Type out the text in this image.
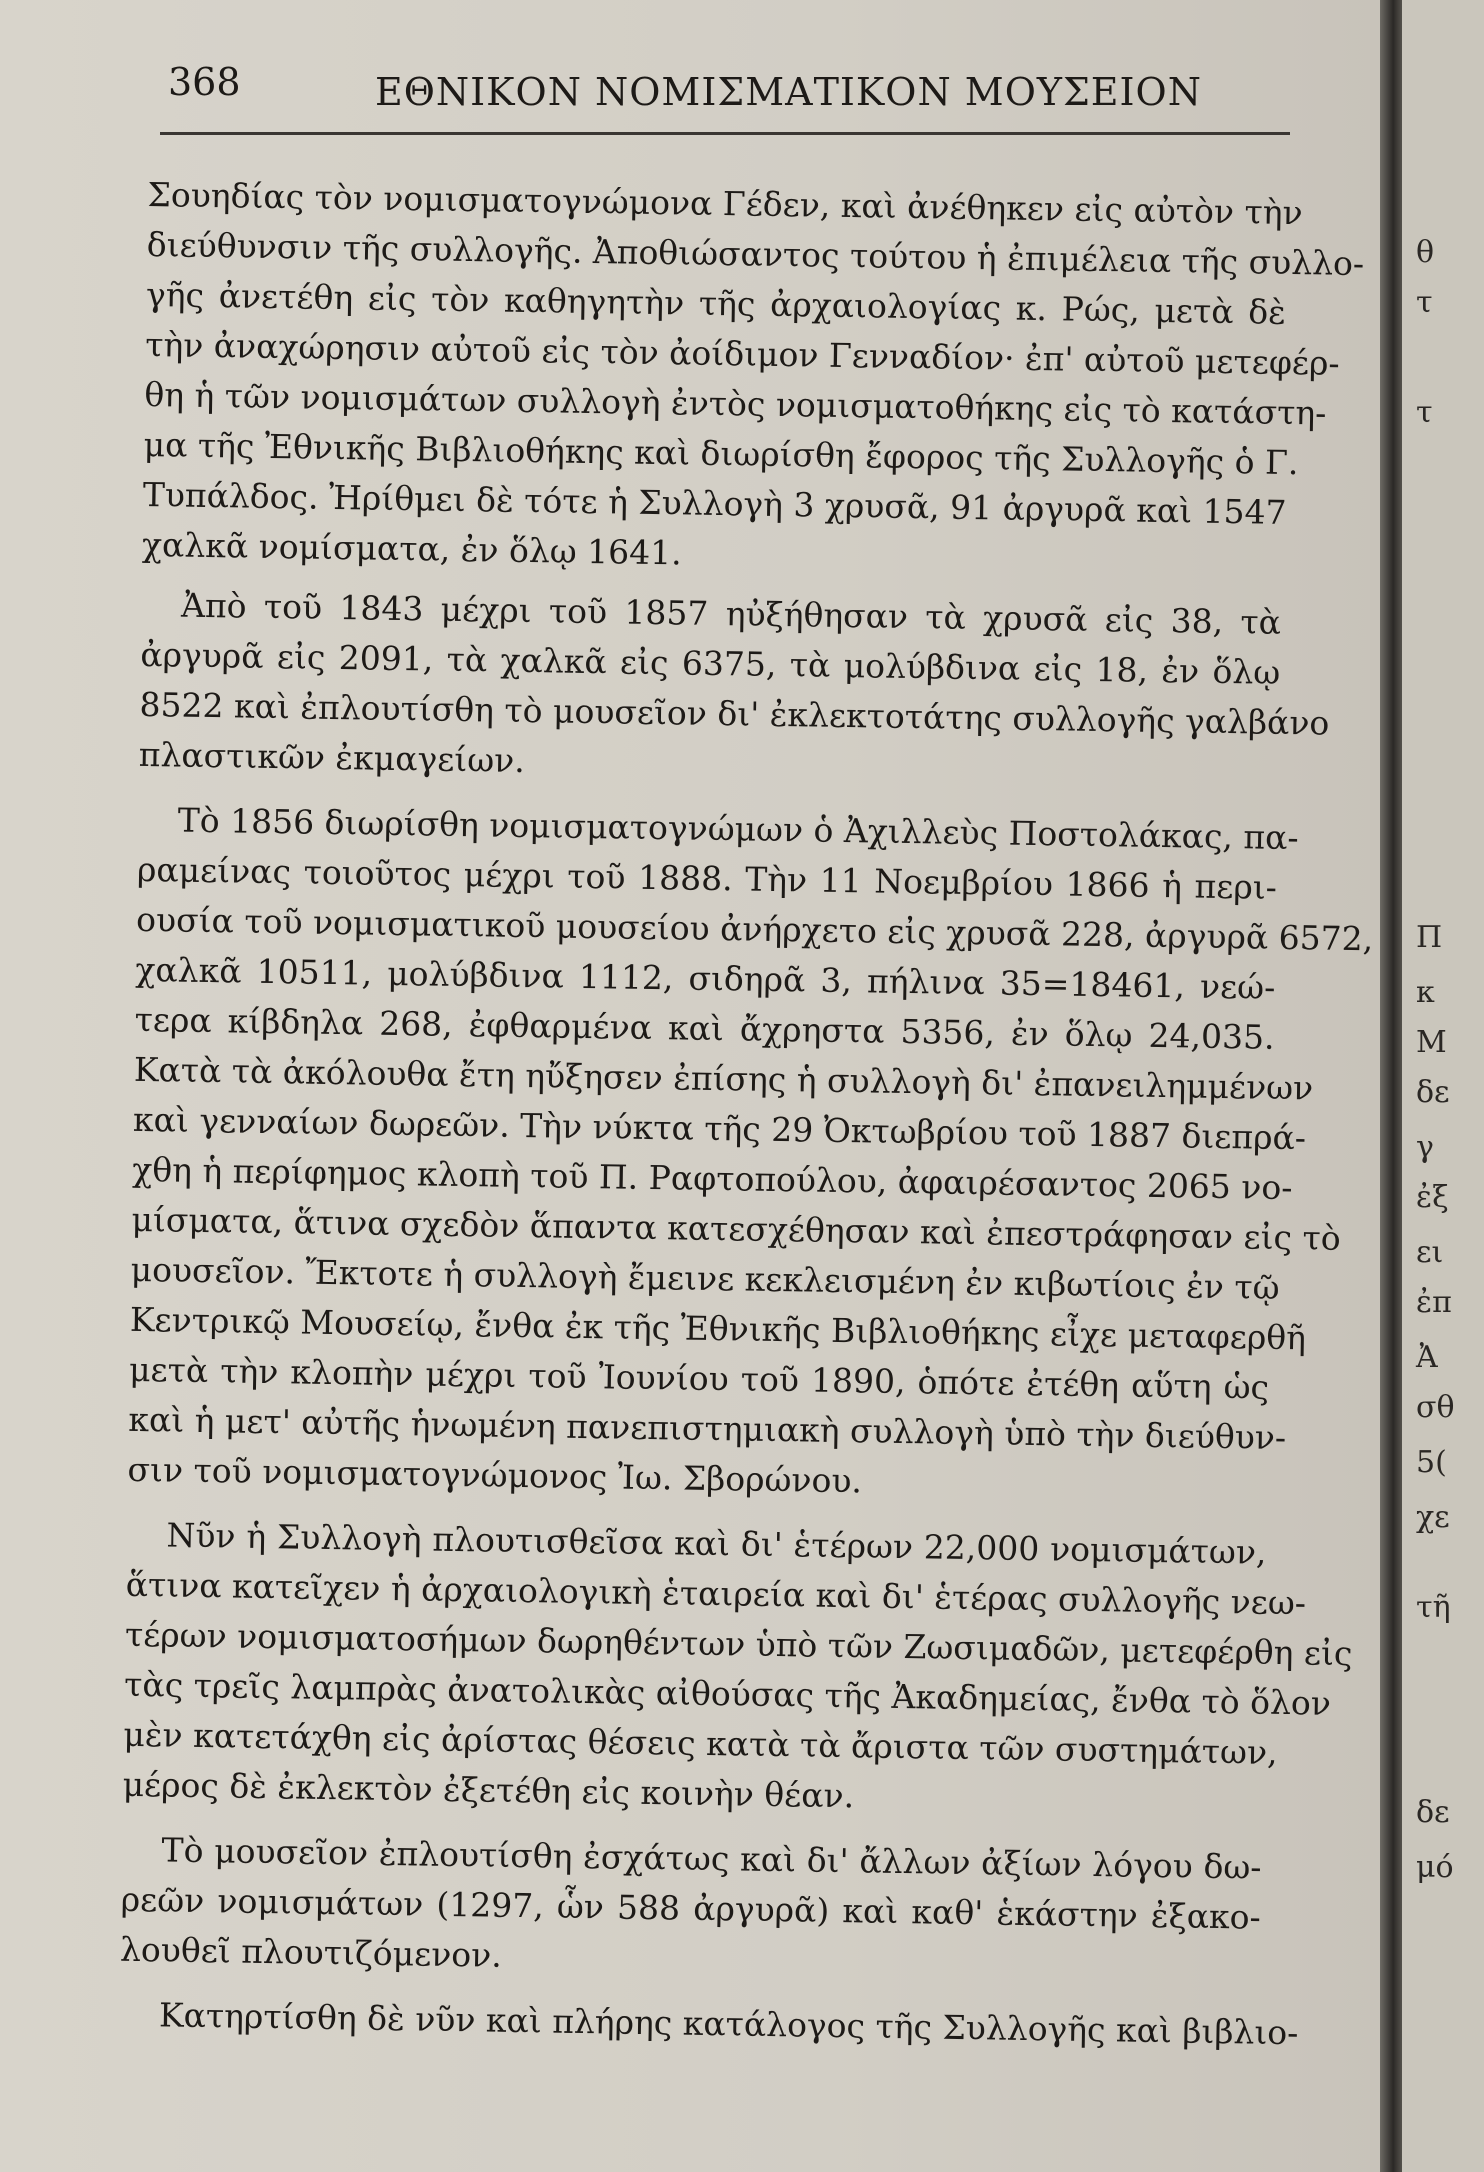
368	ΕΘΝΙΚΟΝ ΝΟΜΙΣΜΑΤΙΚΟΝ ΜΟΥΣΕΙΟΝ
Σουηδίας τὸν νομισματογνώμονα Γέδεν, καὶ ἀνέθηκεν εἰς αὐτὸν τὴν
διεύθυνσιν τῆς συλλογῆς. Ἀποθιώσαντος τούτου ἡ ἐπιμέλεια τῆς συλλο-
γῆς ἀνετέθη εἰς τὸν καθηγητὴν τῆς ἀρχαιολογίας κ. Ρώς, μετὰ δὲ
τὴν ἀναχώρησιν αὐτοῦ εἰς τὸν ἀοίδιμον Γενναδίον· ἐπ' αὐτοῦ μετεφέρ-
θη ἡ τῶν νομισμάτων συλλογὴ ἐντὸς νομισματοθήκης εἰς τὸ κατάστη-
μα τῆς Ἐθνικῆς Βιβλιοθήκης καὶ διωρίσθη ἔφορος τῆς Συλλογῆς ὁ Γ.
Τυπάλδος. Ἠρίθμει δὲ τότε ἡ Συλλογὴ 3 χρυσᾶ, 91 ἀργυρᾶ καὶ 1547
χαλκᾶ νομίσματα, ἐν ὅλῳ 1641.
Ἀπὸ τοῦ 1843 μέχρι τοῦ 1857 ηὐξήθησαν τὰ χρυσᾶ εἰς 38, τὰ
ἀργυρᾶ εἰς 2091, τὰ χαλκᾶ εἰς 6375, τὰ μολύβδινα εἰς 18, ἐν ὅλῳ
8522 καὶ ἐπλουτίσθη τὸ μουσεῖον δι' ἐκλεκτοτάτης συλλογῆς γαλβάνο
πλαστικῶν ἐκμαγείων.
Τὸ 1856 διωρίσθη νομισματογνώμων ὁ Ἀχιλλεὺς Ποστολάκας, πα-
ραμείνας τοιοῦτος μέχρι τοῦ 1888. Τὴν 11 Νοεμβρίου 1866 ἡ περι-
ουσία τοῦ νομισματικοῦ μουσείου ἀνήρχετο εἰς χρυσᾶ 228, ἀργυρᾶ 6572,
χαλκᾶ 10511, μολύβδινα 1112, σιδηρᾶ 3, πήλινα 35=18461, νεώ-
τερα κίβδηλα 268, ἐφθαρμένα καὶ ἄχρηστα 5356, ἐν ὅλῳ 24,035.
Κατὰ τὰ ἀκόλουθα ἔτη ηὔξησεν ἐπίσης ἡ συλλογὴ δι' ἐπανειλημμένων
καὶ γενναίων δωρεῶν. Τὴν νύκτα τῆς 29 Ὀκτωβρίου τοῦ 1887 διεπρά-
χθη ἡ περίφημος κλοπὴ τοῦ Π. Ραφτοπούλου, ἀφαιρέσαντος 2065 νο-
μίσματα, ἅτινα σχεδὸν ἅπαντα κατεσχέθησαν καὶ ἐπεστράφησαν εἰς τὸ
μουσεῖον. Ἔκτοτε ἡ συλλογὴ ἔμεινε κεκλεισμένη ἐν κιβωτίοις ἐν τῷ
Κεντρικῷ Μουσείῳ, ἔνθα ἐκ τῆς Ἐθνικῆς Βιβλιοθήκης εἶχε μεταφερθῆ
μετὰ τὴν κλοπὴν μέχρι τοῦ Ἰουνίου τοῦ 1890, ὁπότε ἐτέθη αὕτη ὡς
καὶ ἡ μετ' αὐτῆς ἡνωμένη πανεπιστημιακὴ συλλογὴ ὑπὸ τὴν διεύθυν-
σιν τοῦ νομισματογνώμονος Ἰω. Σβορώνου.
Νῦν ἡ Συλλογὴ πλουτισθεῖσα καὶ δι' ἑτέρων 22,000 νομισμάτων,
ἅτινα κατεῖχεν ἡ ἀρχαιολογικὴ ἑταιρεία καὶ δι' ἑτέρας συλλογῆς νεω-
τέρων νομισματοσήμων δωρηθέντων ὑπὸ τῶν Ζωσιμαδῶν, μετεφέρθη εἰς
τὰς τρεῖς λαμπρὰς ἀνατολικὰς αἰθούσας τῆς Ἀκαδημείας, ἔνθα τὸ ὅλον
μὲν κατετάχθη εἰς ἀρίστας θέσεις κατὰ τὰ ἄριστα τῶν συστημάτων,
μέρος δὲ ἐκλεκτὸν ἐξετέθη εἰς κοινὴν θέαν.
Τὸ μουσεῖον ἐπλουτίσθη ἐσχάτως καὶ δι' ἄλλων ἀξίων λόγου δω-
ρεῶν νομισμάτων (1297, ὧν 588 ἀργυρᾶ) καὶ καθ' ἑκάστην ἐξακο-
λουθεῖ πλουτιζόμενον.
Κατηρτίσθη δὲ νῦν καὶ πλήρης κατάλογος τῆς Συλλογῆς καὶ βιβλιο-
θ
τ
τ
Π
κ
Μ
δε
γ
ἐξ
ει
ἐπ
Ἀ
σθ
5(
χε
τῆ
δε
μό
